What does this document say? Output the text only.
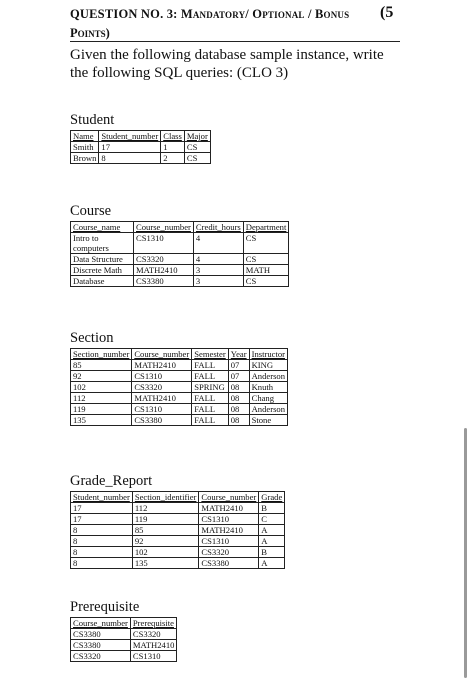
QUESTION NO. 3: Mandatory/ Optional / Bonus
Points)
(5
Given the following database sample instance, write the following SQL queries: (CLO 3)
Student
Name	Student_number	Class	Major
Smith	17	1	CS
Brown	8	2	CS
Course
Course_name	Course_number	Credit_hours	Department
Intro to computers	CS1310	4	CS
Data Structure	CS3320	4	CS
Discrete Math	MATH2410	3	MATH
Database	CS3380	3	CS
Section
Section_number	Course_number	Semester	Year	Instructor
85	MATH2410	FALL	07	KING
92	CS1310	FALL	07	Anderson
102	CS3320	SPRING	08	Knuth
112	MATH2410	FALL	08	Chang
119	CS1310	FALL	08	Anderson
135	CS3380	FALL	08	Stone
Grade_Report
Student_number	Section_identifier	Course_number	Grade
17	112	MATH2410	B
17	119	CS1310	C
8	85	MATH2410	A
8	92	CS1310	A
8	102	CS3320	B
8	135	CS3380	A
Prerequisite
Course_number	Prerequisite
CS3380	CS3320
CS3380	MATH2410
CS3320	CS1310
